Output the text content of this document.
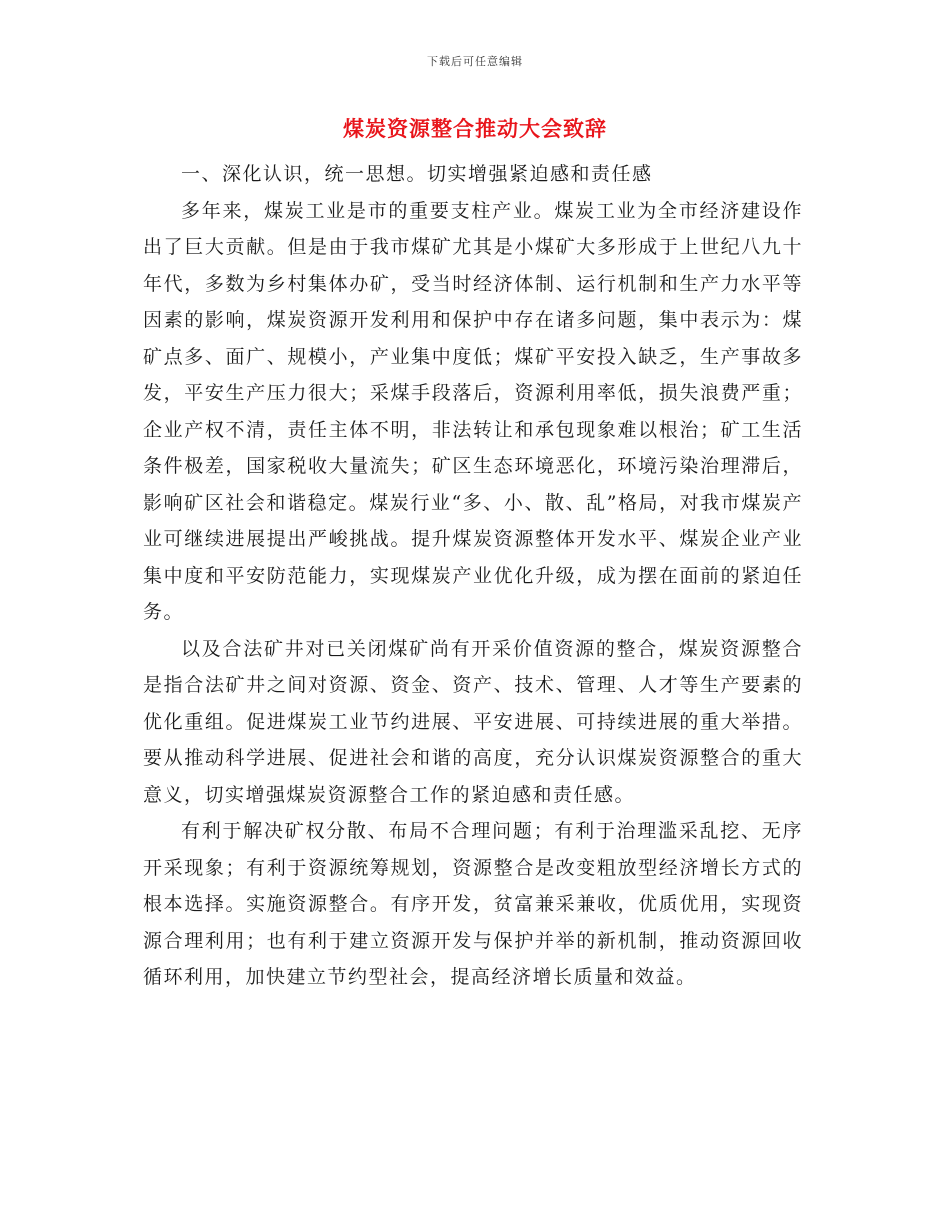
下载后可任意编辑
煤炭资源整合推动大会致辞

一、深化认识，统一思想。切实增强紧迫感和责任感

多年来，煤炭工业是市的重要支柱产业。煤炭工业为全市经济建设作出了巨大贡献。但是由于我市煤矿尤其是小煤矿大多形成于上世纪八九十年代，多数为乡村集体办矿，受当时经济体制、运行机制和生产力水平等因素的影响，煤炭资源开发利用和保护中存在诸多问题，集中表示为：煤矿点多、面广、规模小，产业集中度低；煤矿平安投入缺乏，生产事故多发，平安生产压力很大；采煤手段落后，资源利用率低，损失浪费严重；企业产权不清，责任主体不明，非法转让和承包现象难以根治；矿工生活条件极差，国家税收大量流失；矿区生态环境恶化，环境污染治理滞后，影响矿区社会和谐稳定。煤炭行业“多、小、散、乱”格局，对我市煤炭产业可继续进展提出严峻挑战。提升煤炭资源整体开发水平、煤炭企业产业集中度和平安防范能力，实现煤炭产业优化升级，成为摆在面前的紧迫任务。

以及合法矿井对已关闭煤矿尚有开采价值资源的整合，煤炭资源整合是指合法矿井之间对资源、资金、资产、技术、管理、人才等生产要素的优化重组。促进煤炭工业节约进展、平安进展、可持续进展的重大举措。要从推动科学进展、促进社会和谐的高度，充分认识煤炭资源整合的重大意义，切实增强煤炭资源整合工作的紧迫感和责任感。

有利于解决矿权分散、布局不合理问题；有利于治理滥采乱挖、无序开采现象；有利于资源统筹规划，资源整合是改变粗放型经济增长方式的根本选择。实施资源整合。有序开发，贫富兼采兼收，优质优用，实现资源合理利用；也有利于建立资源开发与保护并举的新机制，推动资源回收循环利用，加快建立节约型社会，提高经济增长质量和效益。
